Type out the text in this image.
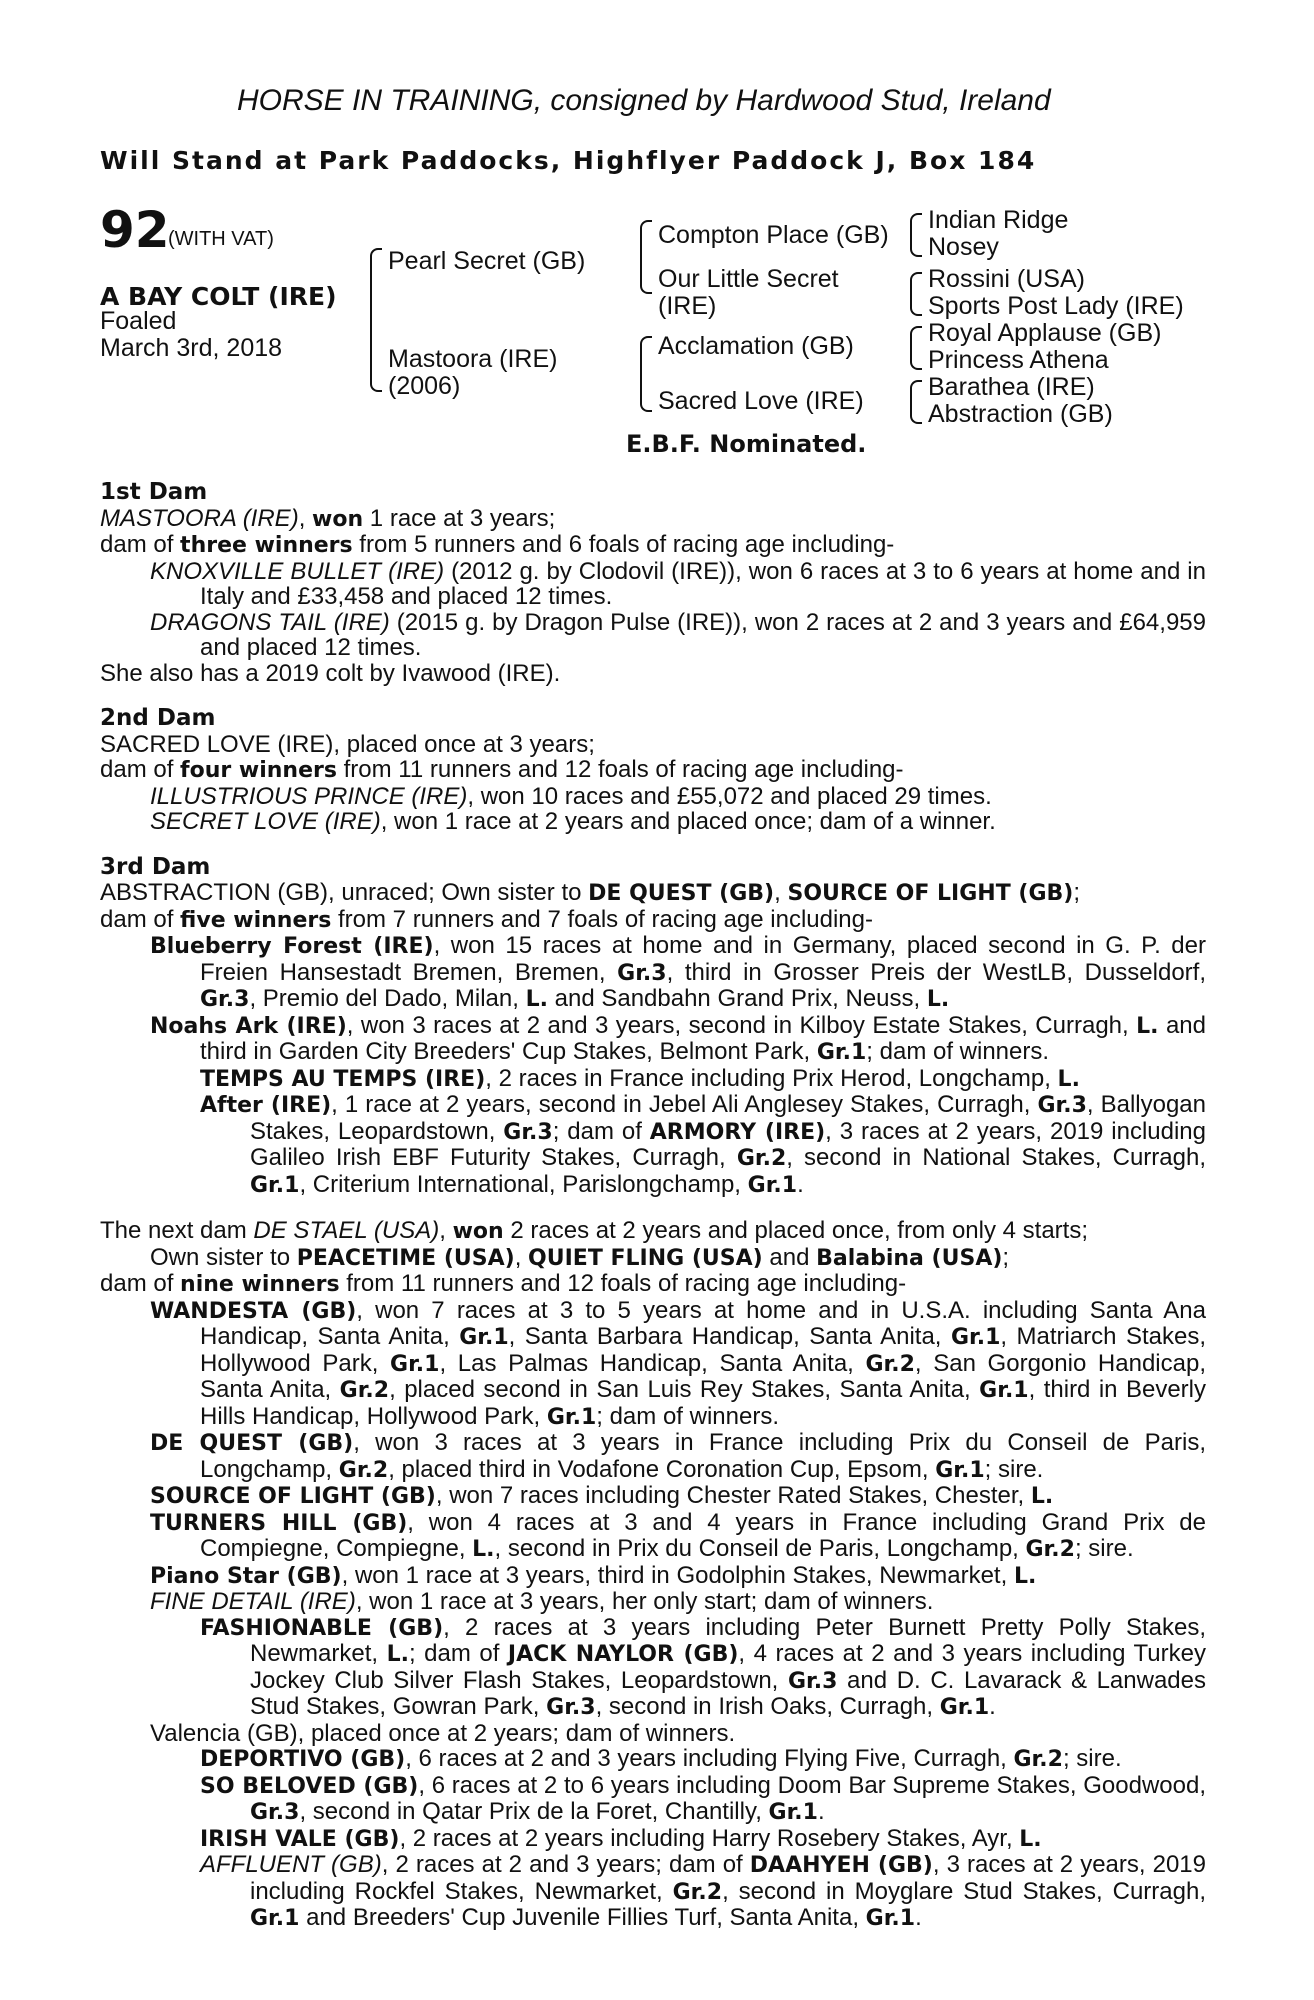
HORSE IN TRAINING, consigned by Hardwood Stud, Ireland
Will Stand at Park Paddocks, Highflyer Paddock J, Box 184
92
(WITH VAT)
A BAY COLT (IRE)
Foaled
March 3rd, 2018
Pearl Secret (GB)
Mastoora (IRE)
(2006)
Compton Place (GB)
Our Little Secret
(IRE)
Acclamation (GB)
Sacred Love (IRE)
Indian Ridge
Nosey
Rossini (USA)
Sports Post Lady (IRE)
Royal Applause (GB)
Princess Athena
Barathea (IRE)
Abstraction (GB)
E.B.F. Nominated.

1st Dam

MASTOORA (IRE), won 1 race at 3 years;

dam of three winners from 5 runners and 6 foals of racing age including-

KNOXVILLE BULLET (IRE) (2012 g. by Clodovil (IRE)), won 6 races at 3 to 6 years at home and in Italy and £33,458 and placed 12 times.

DRAGONS TAIL (IRE) (2015 g. by Dragon Pulse (IRE)), won 2 races at 2 and 3 years and £64,959 and placed 12 times.

She also has a 2019 colt by Ivawood (IRE).

2nd Dam

SACRED LOVE (IRE), placed once at 3 years;

dam of four winners from 11 runners and 12 foals of racing age including-

ILLUSTRIOUS PRINCE (IRE), won 10 races and £55,072 and placed 29 times.

SECRET LOVE (IRE), won 1 race at 2 years and placed once; dam of a winner.

3rd Dam

ABSTRACTION (GB), unraced; Own sister to DE QUEST (GB), SOURCE OF LIGHT (GB);

dam of five winners from 7 runners and 7 foals of racing age including-

Blueberry Forest (IRE), won 15 races at home and in Germany, placed second in G. P. der Freien Hansestadt Bremen, Bremen, Gr.3, third in Grosser Preis der WestLB, Dusseldorf, Gr.3, Premio del Dado, Milan, L. and Sandbahn Grand Prix, Neuss, L.

Noahs Ark (IRE), won 3 races at 2 and 3 years, second in Kilboy Estate Stakes, Curragh, L. and third in Garden City Breeders' Cup Stakes, Belmont Park, Gr.1; dam of winners.

TEMPS AU TEMPS (IRE), 2 races in France including Prix Herod, Longchamp, L.

After (IRE), 1 race at 2 years, second in Jebel Ali Anglesey Stakes, Curragh, Gr.3, Ballyogan Stakes, Leopardstown, Gr.3; dam of ARMORY (IRE), 3 races at 2 years, 2019 including Galileo Irish EBF Futurity Stakes, Curragh, Gr.2, second in National Stakes, Curragh, Gr.1, Criterium International, Parislongchamp, Gr.1.

The next dam DE STAEL (USA), won 2 races at 2 years and placed once, from only 4 starts;

Own sister to PEACETIME (USA), QUIET FLING (USA) and Balabina (USA);

dam of nine winners from 11 runners and 12 foals of racing age including-

WANDESTA (GB), won 7 races at 3 to 5 years at home and in U.S.A. including Santa Ana Handicap, Santa Anita, Gr.1, Santa Barbara Handicap, Santa Anita, Gr.1, Matriarch Stakes, Hollywood Park, Gr.1, Las Palmas Handicap, Santa Anita, Gr.2, San Gorgonio Handicap, Santa Anita, Gr.2, placed second in San Luis Rey Stakes, Santa Anita, Gr.1, third in Beverly Hills Handicap, Hollywood Park, Gr.1; dam of winners.

DE QUEST (GB), won 3 races at 3 years in France including Prix du Conseil de Paris, Longchamp, Gr.2, placed third in Vodafone Coronation Cup, Epsom, Gr.1; sire.

SOURCE OF LIGHT (GB), won 7 races including Chester Rated Stakes, Chester, L.

TURNERS HILL (GB), won 4 races at 3 and 4 years in France including Grand Prix de Compiegne, Compiegne, L., second in Prix du Conseil de Paris, Longchamp, Gr.2; sire.

Piano Star (GB), won 1 race at 3 years, third in Godolphin Stakes, Newmarket, L.

FINE DETAIL (IRE), won 1 race at 3 years, her only start; dam of winners.

FASHIONABLE (GB), 2 races at 3 years including Peter Burnett Pretty Polly Stakes, Newmarket, L.; dam of JACK NAYLOR (GB), 4 races at 2 and 3 years including Turkey Jockey Club Silver Flash Stakes, Leopardstown, Gr.3 and D. C. Lavarack & Lanwades Stud Stakes, Gowran Park, Gr.3, second in Irish Oaks, Curragh, Gr.1.

Valencia (GB), placed once at 2 years; dam of winners.

DEPORTIVO (GB), 6 races at 2 and 3 years including Flying Five, Curragh, Gr.2; sire.

SO BELOVED (GB), 6 races at 2 to 6 years including Doom Bar Supreme Stakes, Goodwood, Gr.3, second in Qatar Prix de la Foret, Chantilly, Gr.1.

IRISH VALE (GB), 2 races at 2 years including Harry Rosebery Stakes, Ayr, L.

AFFLUENT (GB), 2 races at 2 and 3 years; dam of DAAHYEH (GB), 3 races at 2 years, 2019 including Rockfel Stakes, Newmarket, Gr.2, second in Moyglare Stud Stakes, Curragh, Gr.1 and Breeders' Cup Juvenile Fillies Turf, Santa Anita, Gr.1.
